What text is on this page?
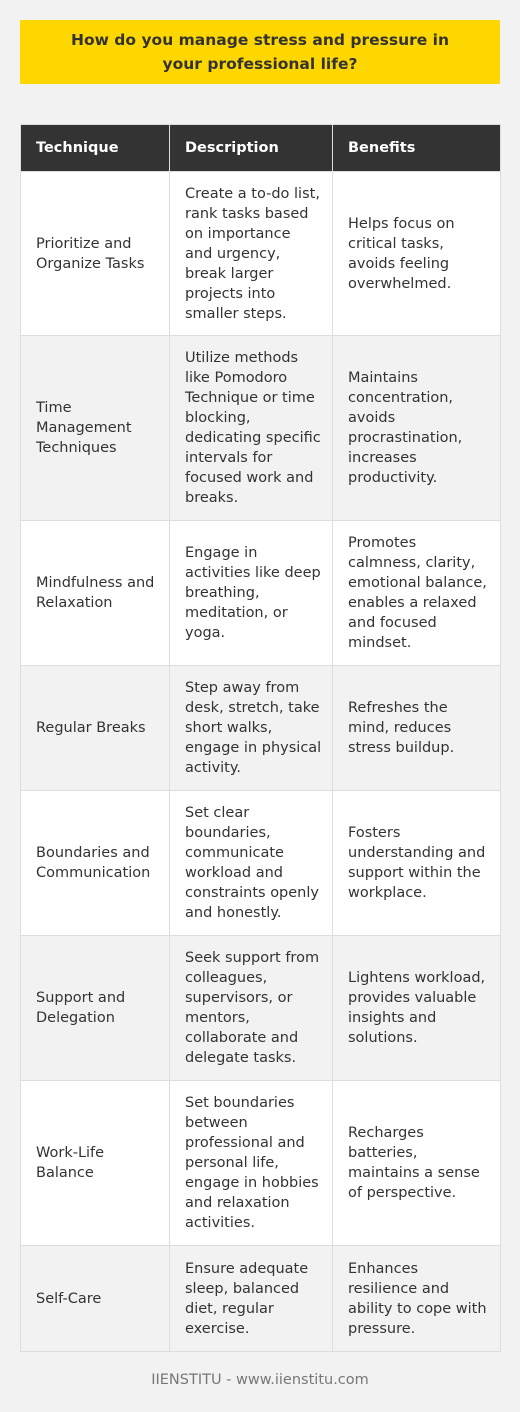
How do you manage stress and pressure in your professional life?
Technique	Description	Benefits
Prioritize and Organize Tasks	Create a to-do list, rank tasks based on importance and urgency, break larger projects into smaller steps.	Helps focus on critical tasks, avoids feeling overwhelmed.
Time Management Techniques	Utilize methods like Pomodoro Technique or time blocking, dedicating specific intervals for focused work and breaks.	Maintains concentration, avoids procrastination, increases productivity.
Mindfulness and Relaxation	Engage in activities like deep breathing, meditation, or yoga.	Promotes calmness, clarity, emotional balance, enables a relaxed and focused mindset.
Regular Breaks	Step away from desk, stretch, take short walks, engage in physical activity.	Refreshes the mind, reduces stress buildup.
Boundaries and Communication	Set clear boundaries, communicate workload and constraints openly and honestly.	Fosters understanding and support within the workplace.
Support and Delegation	Seek support from colleagues, supervisors, or mentors, collaborate and delegate tasks.	Lightens workload, provides valuable insights and solutions.
Work-Life Balance	Set boundaries between professional and personal life, engage in hobbies and relaxation activities.	Recharges batteries, maintains a sense of perspective.
Self-Care	Ensure adequate sleep, balanced diet, regular exercise.	Enhances resilience and ability to cope with pressure.
IIENSTITU - www.iienstitu.com
